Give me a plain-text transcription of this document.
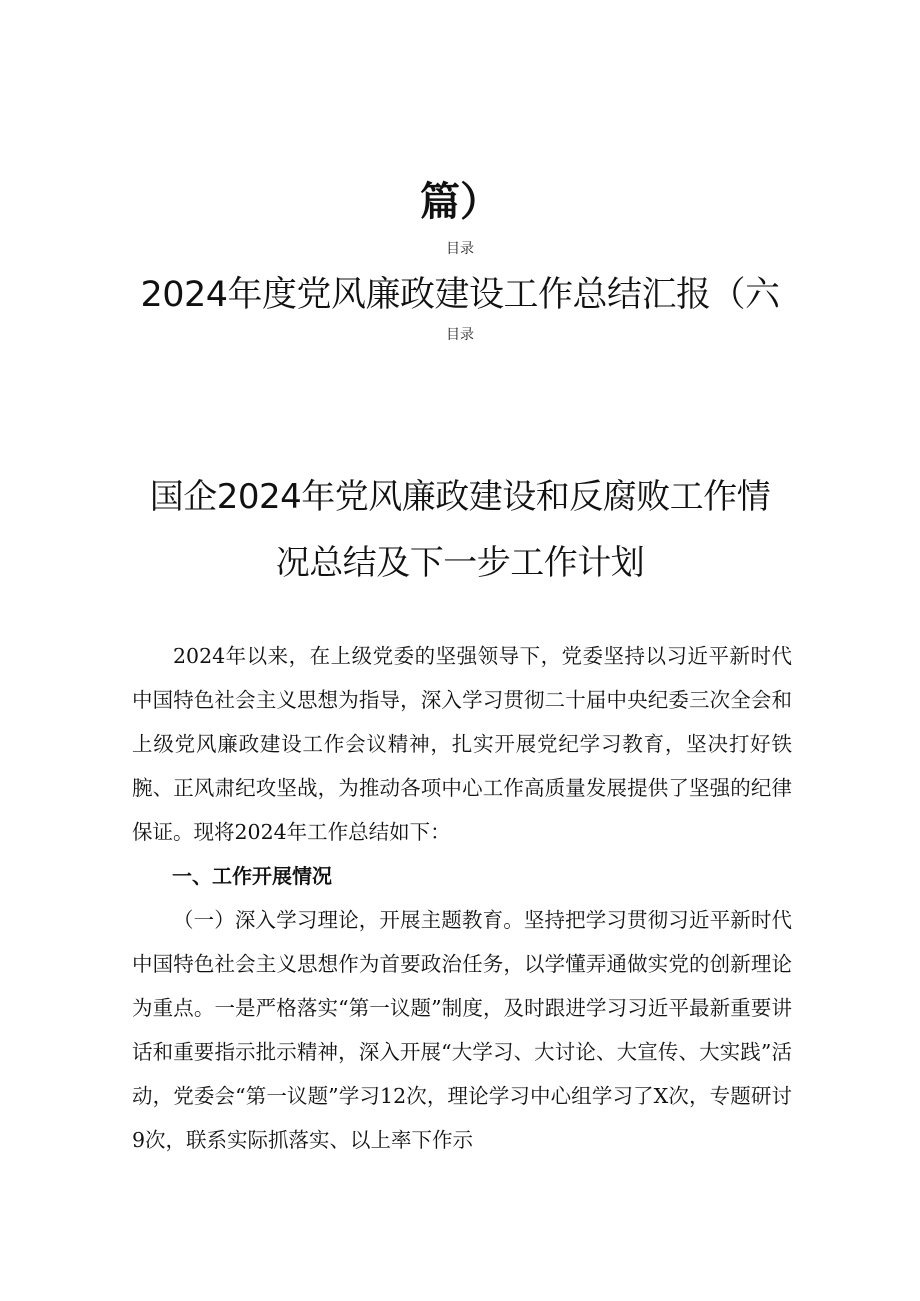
篇）
目录
2024年度党风廉政建设工作总结汇报（六
目录
国企2024年党风廉政建设和反腐败工作情
况总结及下一步工作计划

2024年以来，在上级党委的坚强领导下，党委坚持以习近平新时代中国特色社会主义思想为指导，深入学习贯彻二十届中央纪委三次全会和上级党风廉政建设工作会议精神，扎实开展党纪学习教育，坚决打好铁腕、正风肃纪攻坚战，为推动各项中心工作高质量发展提供了坚强的纪律保证。现将2024年工作总结如下：

一、工作开展情况

（一）深入学习理论，开展主题教育。坚持把学习贯彻习近平新时代中国特色社会主义思想作为首要政治任务，以学懂弄通做实党的创新理论为重点。一是严格落实“第一议题”制度，及时跟进学习习近平最新重要讲话和重要指示批示精神，深入开展“大学习、大讨论、大宣传、大实践”活动，党委会“第一议题”学习12次，理论学习中心组学习了X次，专题研讨9次，联系实际抓落实、以上率下作示
